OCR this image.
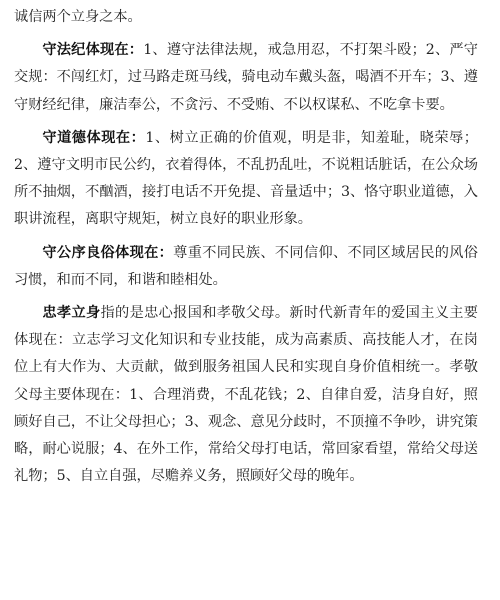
诚信两个立身之本。

守法纪体现在：1、遵守法律法规，戒急用忍，不打架斗殴；2、严守交规：不闯红灯，过马路走斑马线，骑电动车戴头盔，喝酒不开车；3、遵守财经纪律，廉洁奉公，不贪污、不受贿、不以权谋私、不吃拿卡要。

守道德体现在：1、树立正确的价值观，明是非，知羞耻，晓荣辱；2、遵守文明市民公约，衣着得体，不乱扔乱吐，不说粗话脏话，在公众场所不抽烟，不酗酒，接打电话不开免提、音量适中；3、恪守职业道德，入职讲流程，离职守规矩，树立良好的职业形象。

守公序良俗体现在：尊重不同民族、不同信仰、不同区域居民的风俗习惯，和而不同，和谐和睦相处。

忠孝立身指的是忠心报国和孝敬父母。新时代新青年的爱国主义主要体现在：立志学习文化知识和专业技能，成为高素质、高技能人才，在岗位上有大作为、大贡献，做到服务祖国人民和实现自身价值相统一。孝敬父母主要体现在：1、合理消费，不乱花钱；2、自律自爱，洁身自好，照顾好自己，不让父母担心；3、观念、意见分歧时，不顶撞不争吵，讲究策略，耐心说服；4、在外工作，常给父母打电话，常回家看望，常给父母送礼物；5、自立自强，尽赡养义务，照顾好父母的晚年。
